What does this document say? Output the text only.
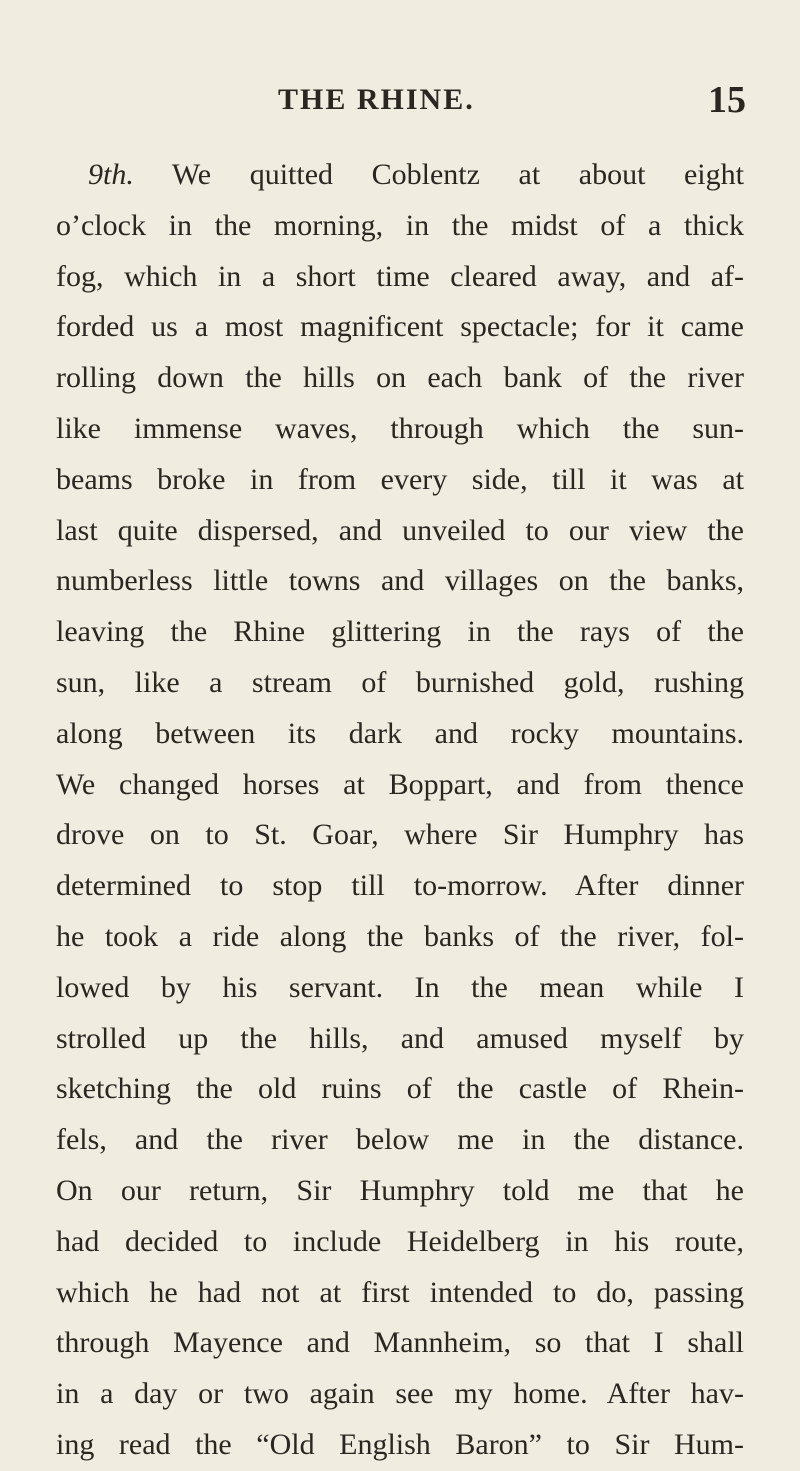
THE RHINE.	15
9th. We quitted Coblentz at about eight
o’clock in the morning, in the midst of a thick
fog, which in a short time cleared away, and af-
forded us a most magnificent spectacle; for it came
rolling down the hills on each bank of the river
like immense waves, through which the sun-
beams broke in from every side, till it was at
last quite dispersed, and unveiled to our view the
numberless little towns and villages on the banks,
leaving the Rhine glittering in the rays of the
sun, like a stream of burnished gold, rushing
along between its dark and rocky mountains.
We changed horses at Boppart, and from thence
drove on to St. Goar, where Sir Humphry has
determined to stop till to-morrow. After dinner
he took a ride along the banks of the river, fol-
lowed by his servant. In the mean while I
strolled up the hills, and amused myself by
sketching the old ruins of the castle of Rhein-
fels, and the river below me in the distance.
On our return, Sir Humphry told me that he
had decided to include Heidelberg in his route,
which he had not at first intended to do, passing
through Mayence and Mannheim, so that I shall
in a day or two again see my home. After hav-
ing read the “Old English Baron” to Sir Hum-
